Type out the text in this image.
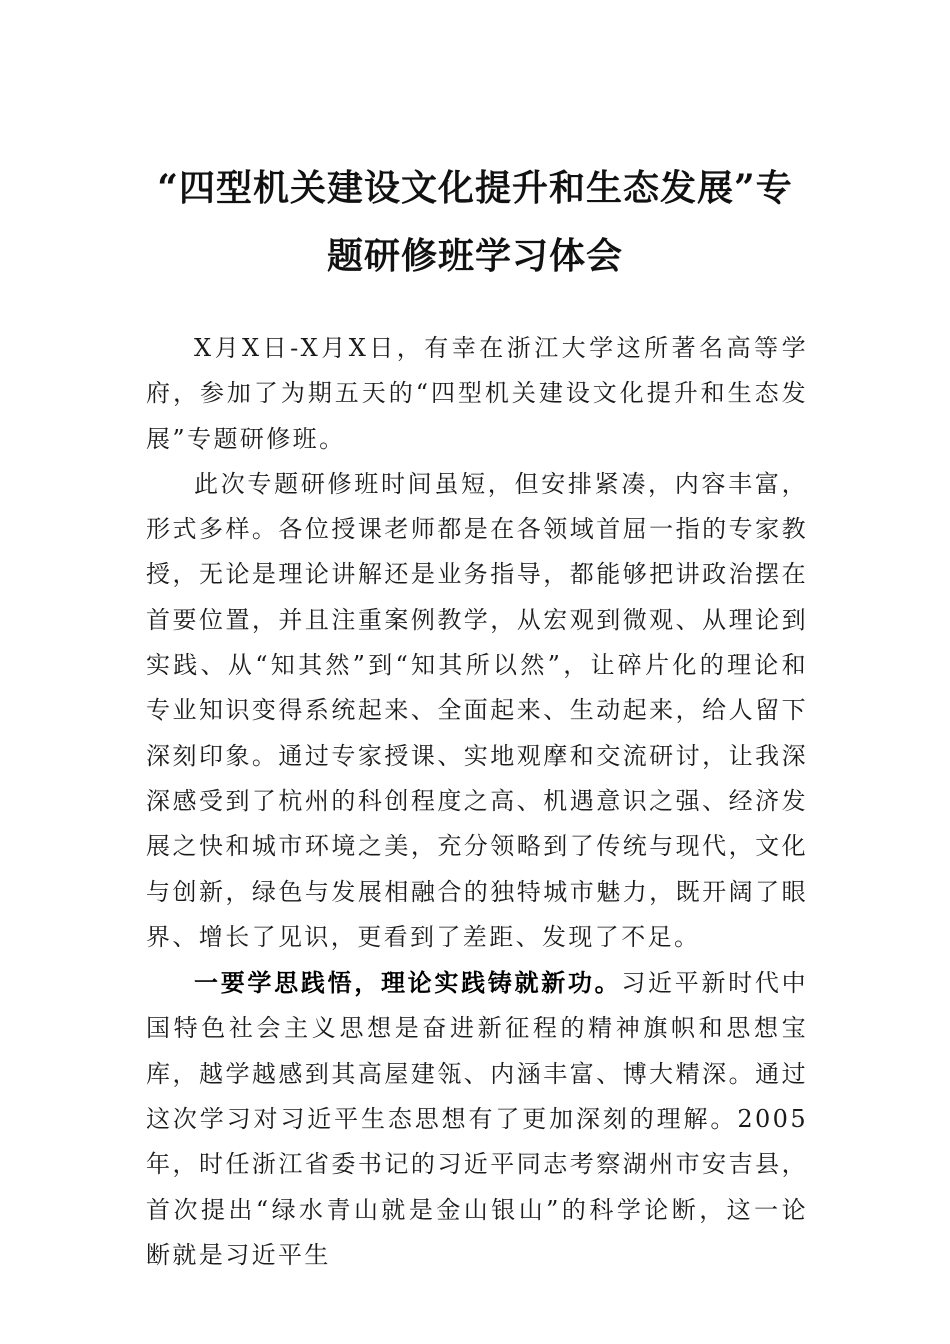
“四型机关建设文化提升和生态发展”专
题研修班学习体会

X月X日-X月X日，有幸在浙江大学这所著名高等学府，参加了为期五天的“四型机关建设文化提升和生态发展”专题研修班。

此次专题研修班时间虽短，但安排紧凑，内容丰富，形式多样。各位授课老师都是在各领域首屈一指的专家教授，无论是理论讲解还是业务指导，都能够把讲政治摆在首要位置，并且注重案例教学，从宏观到微观、从理论到实践、从“知其然”到“知其所以然”，让碎片化的理论和专业知识变得系统起来、全面起来、生动起来，给人留下深刻印象。通过专家授课、实地观摩和交流研讨，让我深深感受到了杭州的科创程度之高、机遇意识之强、经济发展之快和城市环境之美，充分领略到了传统与现代，文化与创新，绿色与发展相融合的独特城市魅力，既开阔了眼界、增长了见识，更看到了差距、发现了不足。

一要学思践悟，理论实践铸就新功。习近平新时代中国特色社会主义思想是奋进新征程的精神旗帜和思想宝库，越学越感到其高屋建瓴、内涵丰富、博大精深。通过这次学习对习近平生态思想有了更加深刻的理解。2005年，时任浙江省委书记的习近平同志考察湖州市安吉县，首次提出“绿水青山就是金山银山”的科学论断，这一论断就是习近平生
